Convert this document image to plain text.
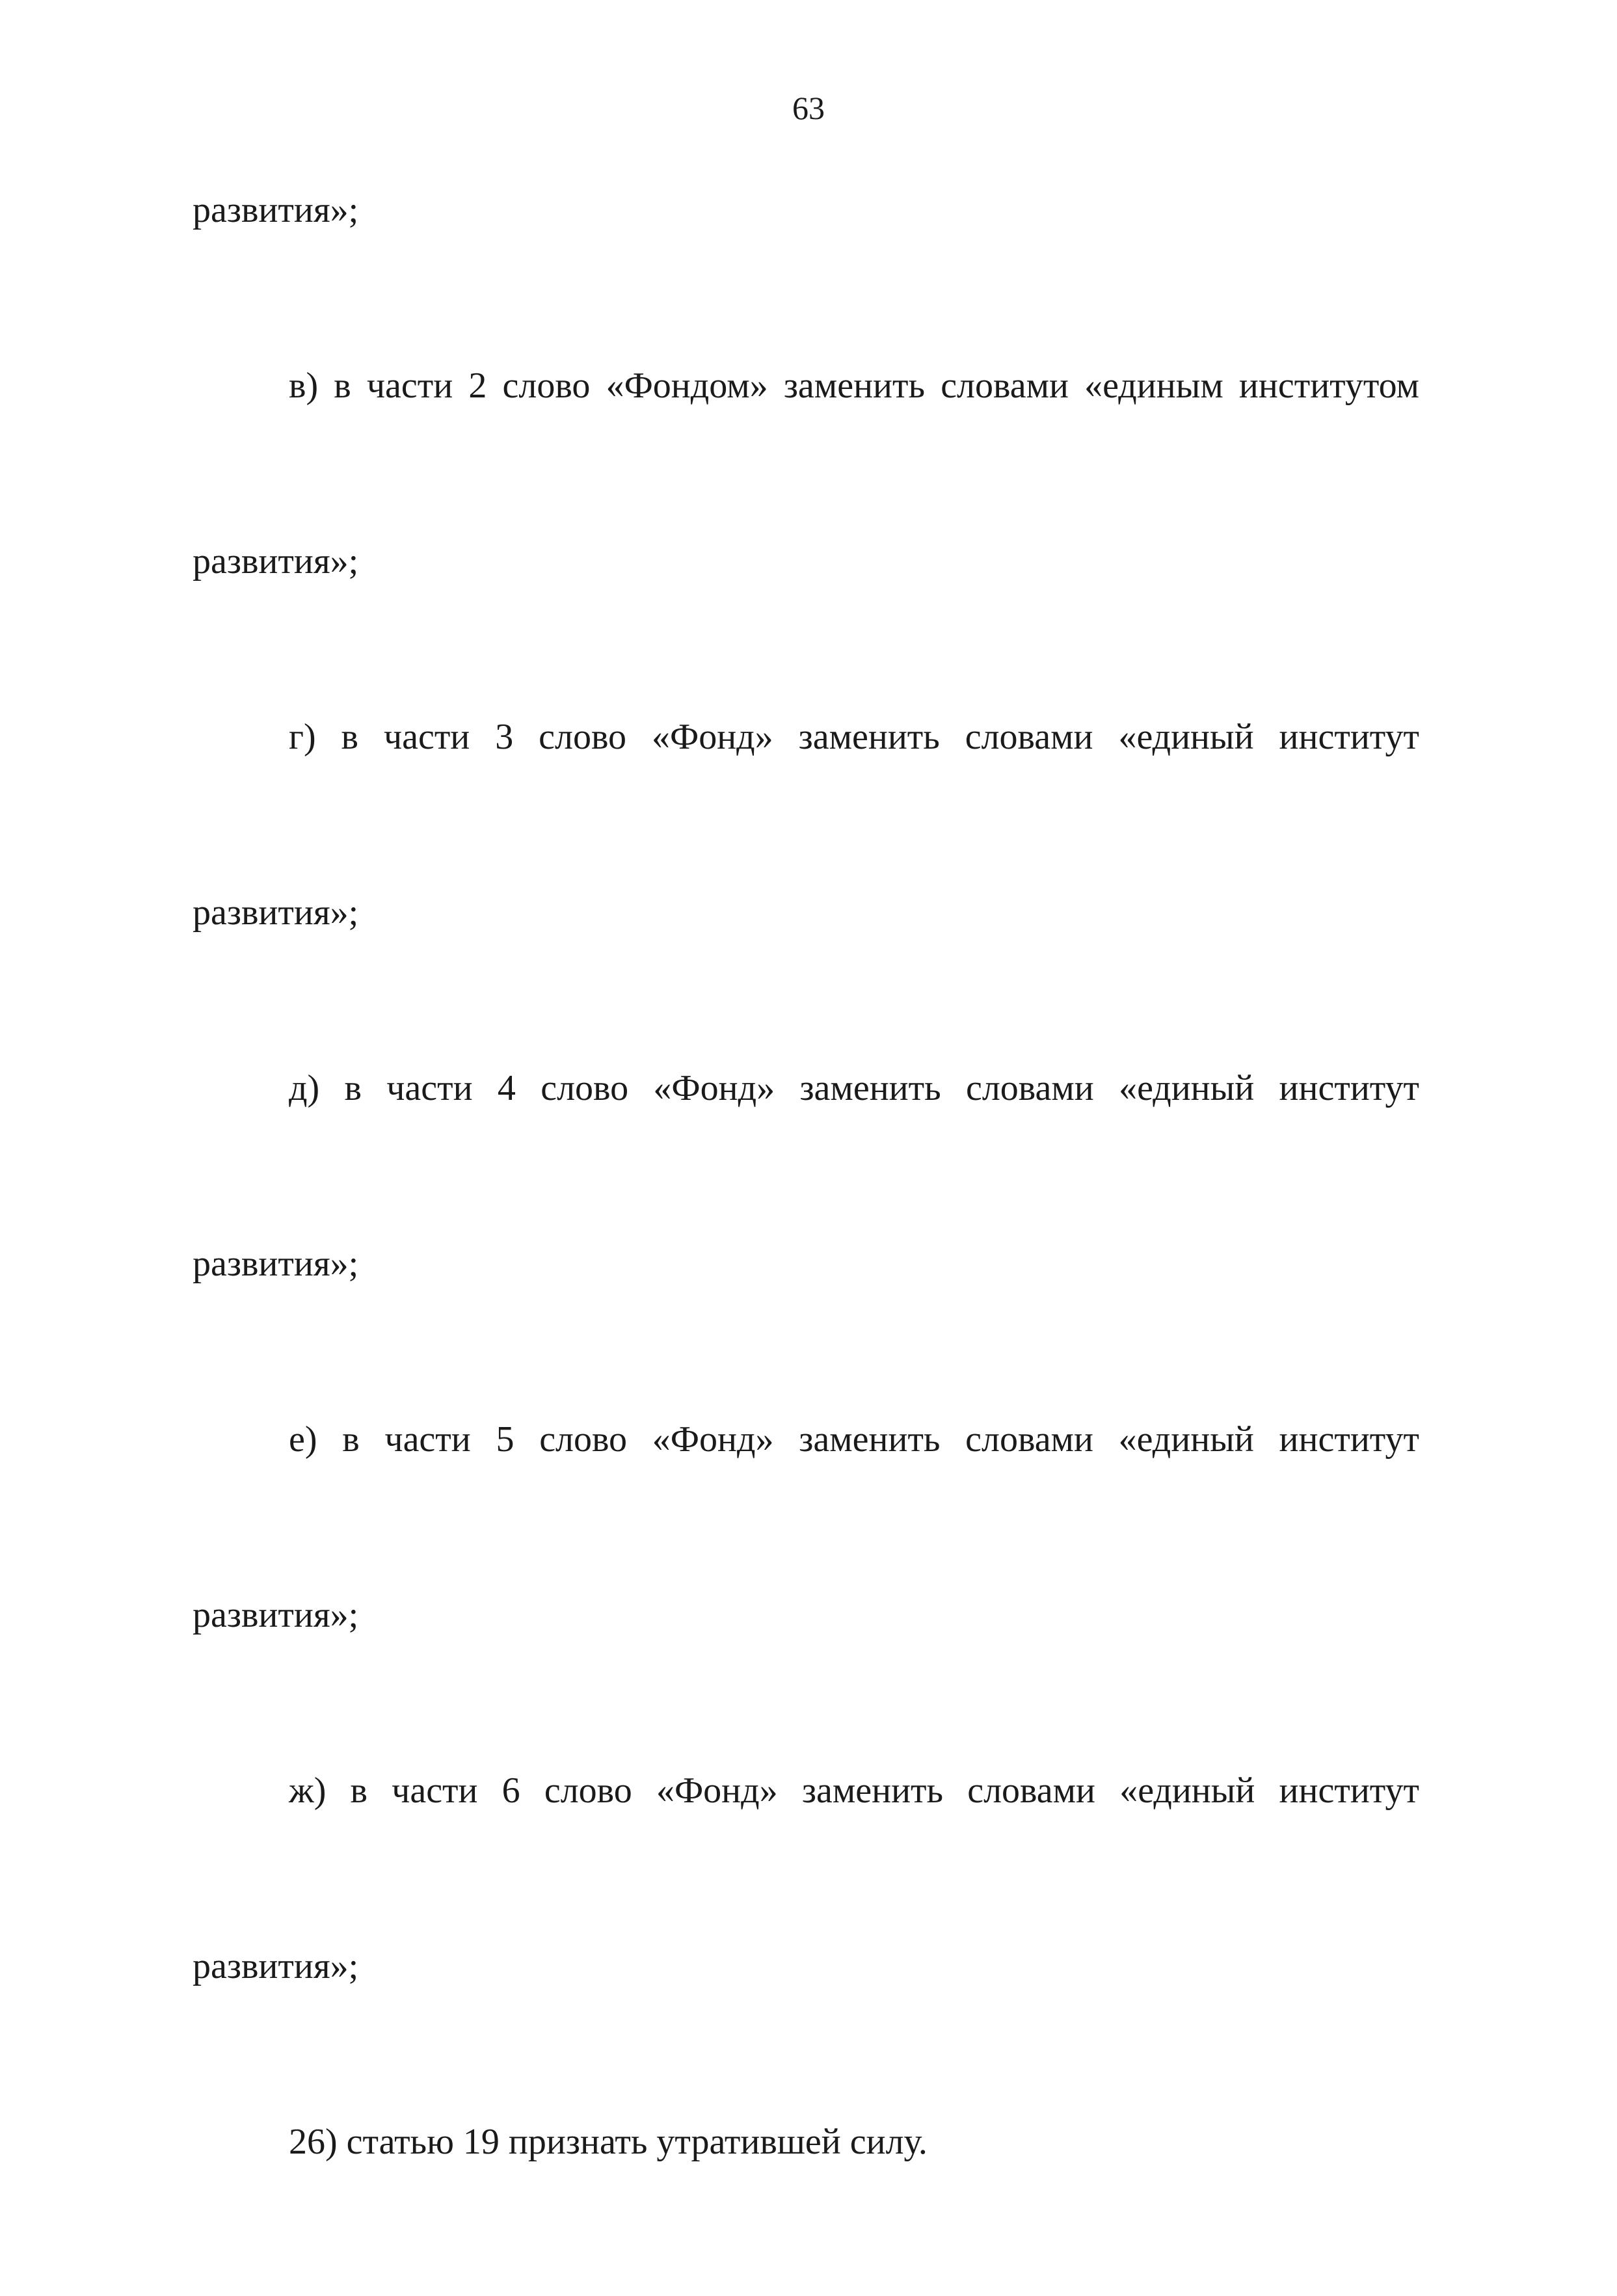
63
развития»;
в) в части 2 слово «Фондом» заменить словами «единым институтом
развития»;
г) в части 3 слово «Фонд» заменить словами «единый институт
развития»;
д) в части 4 слово «Фонд» заменить словами «единый институт
развития»;
е) в части 5 слово «Фонд» заменить словами «единый институт
развития»;
ж) в части 6 слово «Фонд» заменить словами «единый институт
развития»;
26) статью 19 признать утратившей силу.
